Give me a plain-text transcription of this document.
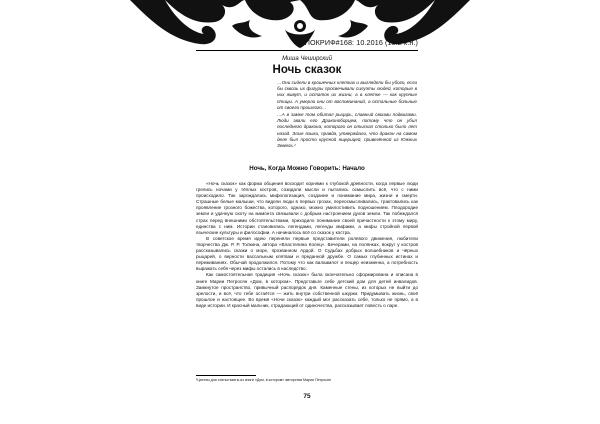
АПОКРИФ#168: 10.2016 (15.2 к.н.)
Миша Чеширский
Ночь сказок

…Они сидели в крошечных клетках и выглядели бы убого, если бы сквозь их фигуры просвечивали силуэты людей, которые в них живут, и остаток их жизни, а в клетке — как крупные птицы. А умерли они от воспоминаний, а остальные больные от своего прошлого…

…А в замке том обитал рыцарь, славный своими подвигами. Люди звали его Драконоборцем, потому что он убил последнего дракона, которого он отыскал столько было лет назад. Злые языки, правда, утверждали, что дракон на самом деле был просто крупной ящерицей, привезённой из Южных Земель.¹

Ночь, Когда Можно Говорить: Начало

«Ночь сказок» как форма общения восходит корнями к глубокой древности, когда первые люди грелись ночами у тёплых костров, созидали мысли и пытались осмыслить всё, что с ними происходило. Так зарождалась мифологизация, создание и понимание мира, жизни и смерти. Страшные белые малыши, что видели люди в первых грозах, переосмысливались, трактовались как проявление грозного божества, которого, однако, можно умилостивить подношением. Плодородие земли и удачную охоту на мамонта связывали с добрым настроением духов земли. Так побеждался страх перед внешними обстоятельствами, приходило понимание своей причастности к этому миру, единства с ним. Истории становились легендами, легенды мифами, а мифы стройной первой языческие культуры и философии. А начиналось всё со сказок у костра.

В советское время идею переняли первые представители ролевого движения, любители творчества Дж. Р. Р. Толкина, автора «Властелина Колец». Вечерами, на полянках, вокруг у костров рассказывались сказки о море, прозванном Ардой. О Судьбах добрых волшебников и чёрных рыцарей, о верности вассальным клятвам и преданной дружбе. О самых глубинных истинах и переживаниях. Обычай продолжился. Потому что как валаамлот и пещер неизменна, а потребность выражать себя через мифы остались в наследство.

Как самостоятельная традиция «Ночь сказок» была окончательно сформирована и описана в книге Марии Петросян «Дом, в котором». Представьте себе детский дом для детей инвалидов. Замкнутое пространство, привычный распорядок дня. Каменные стены, из которых не выйти до зрелости, и всё, что тебе остаётся — жить внутри собственной шкурки. Придумывать жизнь, своё прошлое и настоящее. Во время «Ночи сказок» каждый мог рассказать себе, только не прямо, а в виде истории. И красный мальчик, страдающий от одиночества, рассказывает повесть о ларе.

¹Цитаты для статьи взяты из книги «Дом, в котором» авторства Марии Петросян
75
